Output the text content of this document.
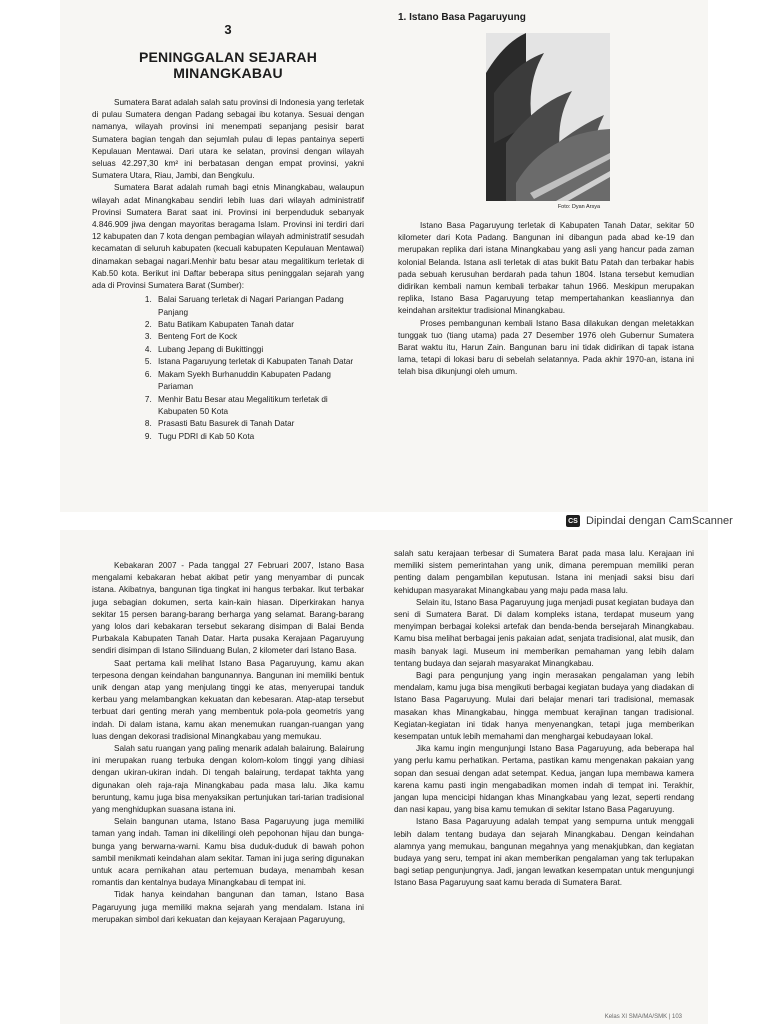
3
PENINGGALAN SEJARAH MINANGKABAU

Sumatera Barat adalah salah satu provinsi di Indonesia yang terletak di pulau Sumatera dengan Padang sebagai ibu kotanya. Sesuai dengan namanya, wilayah provinsi ini menempati sepanjang pesisir barat Sumatera bagian tengah dan sejumlah pulau di lepas pantainya seperti Kepulauan Mentawai. Dari utara ke selatan, provinsi dengan wilayah seluas 42.297,30 km² ini berbatasan dengan empat provinsi, yakni Sumatera Utara, Riau, Jambi, dan Bengkulu.

Sumatera Barat adalah rumah bagi etnis Minangkabau, walaupun wilayah adat Minangkabau sendiri lebih luas dari wilayah administratif Provinsi Sumatera Barat saat ini. Provinsi ini berpenduduk sebanyak 4.846.909 jiwa dengan mayoritas beragama Islam. Provinsi ini terdiri dari 12 kabupaten dan 7 kota dengan pembagian wilayah administratif sesudah kecamatan di seluruh kabupaten (kecuali kabupaten Kepulauan Mentawai) dinamakan sebagai nagari.Menhir batu besar atau megalitikum terletak di Kab.50 kota. Berikut ini Daftar beberapa situs peninggalan sejarah yang ada di Provinsi Sumatera Barat (Sumber):

1. Balai Saruang terletak di Nagari Pariangan Padang Panjang
2. Batu Batikam Kabupaten Tanah datar
3. Benteng Fort de Kock
4. Lubang Jepang di Bukittinggi
5. Istana Pagaruyung terletak di Kabupaten Tanah Datar
6. Makam Syekh Burhanuddin Kabupaten Padang Pariaman
7. Menhir Batu Besar atau Megalitikum terletak di Kabupaten 50 Kota
8. Prasasti Batu Basurek di Tanah Datar
9. Tugu PDRI di Kab 50 Kota
1. Istano Basa Pagaruyung
Foto: Dyan Arsya

Istano Basa Pagaruyung terletak di Kabupaten Tanah Datar, sekitar 50 kilometer dari Kota Padang. Bangunan ini dibangun pada abad ke-19 dan merupakan replika dari istana Minangkabau yang asli yang hancur pada zaman kolonial Belanda. Istana asli terletak di atas bukit Batu Patah dan terbakar habis pada sebuah kerusuhan berdarah pada tahun 1804. Istana tersebut kemudian didirikan kembali namun kembali terbakar tahun 1966. Meskipun merupakan replika, Istano Basa Pagaruyung tetap mempertahankan keasliannya dan keindahan arsitektur tradisional Minangkabau.

Proses pembangunan kembali Istano Basa dilakukan dengan meletakkan tunggak tuo (tiang utama) pada 27 Desember 1976 oleh Gubernur Sumatera Barat waktu itu, Harun Zain. Bangunan baru ini tidak didirikan di tapak istana lama, tetapi di lokasi baru di sebelah selatannya. Pada akhir 1970-an, istana ini telah bisa dikunjungi oleh umum.

CS Dipindai dengan CamScanner

Kebakaran 2007 - Pada tanggal 27 Februari 2007, Istano Basa mengalami kebakaran hebat akibat petir yang menyambar di puncak istana. Akibatnya, bangunan tiga tingkat ini hangus terbakar. Ikut terbakar juga sebagian dokumen, serta kain-kain hiasan. Diperkirakan hanya sekitar 15 persen barang-barang berharga yang selamat. Barang-barang yang lolos dari kebakaran tersebut sekarang disimpan di Balai Benda Purbakala Kabupaten Tanah Datar. Harta pusaka Kerajaan Pagaruyung sendiri disimpan di Istano Silinduang Bulan, 2 kilometer dari Istano Basa.

Saat pertama kali melihat Istano Basa Pagaruyung, kamu akan terpesona dengan keindahan bangunannya. Bangunan ini memiliki bentuk unik dengan atap yang menjulang tinggi ke atas, menyerupai tanduk kerbau yang melambangkan kekuatan dan kebesaran. Atap-atap tersebut terbuat dari genting merah yang membentuk pola-pola geometris yang indah. Di dalam istana, kamu akan menemukan ruangan-ruangan yang luas dengan dekorasi tradisional Minangkabau yang memukau.

Salah satu ruangan yang paling menarik adalah balairung. Balairung ini merupakan ruang terbuka dengan kolom-kolom tinggi yang dihiasi dengan ukiran-ukiran indah. Di tengah balairung, terdapat takhta yang digunakan oleh raja-raja Minangkabau pada masa lalu. Jika kamu beruntung, kamu juga bisa menyaksikan pertunjukan tari-tarian tradisional yang menghidupkan suasana istana ini.

Selain bangunan utama, Istano Basa Pagaruyung juga memiliki taman yang indah. Taman ini dikelilingi oleh pepohonan hijau dan bunga-bunga yang berwarna-warni. Kamu bisa duduk-duduk di bawah pohon sambil menikmati keindahan alam sekitar. Taman ini juga sering digunakan untuk acara pernikahan atau pertemuan budaya, menambah kesan romantis dan kentalnya budaya Minangkabau di tempat ini.

Tidak hanya keindahan bangunan dan taman, Istano Basa Pagaruyung juga memiliki makna sejarah yang mendalam. Istana ini merupakan simbol dari kekuatan dan kejayaan Kerajaan Pagaruyung,

salah satu kerajaan terbesar di Sumatera Barat pada masa lalu. Kerajaan ini memiliki sistem pemerintahan yang unik, dimana perempuan memiliki peran penting dalam pengambilan keputusan. Istana ini menjadi saksi bisu dari kehidupan masyarakat Minangkabau yang maju pada masa lalu.

Selain itu, Istano Basa Pagaruyung juga menjadi pusat kegiatan budaya dan seni di Sumatera Barat. Di dalam kompleks istana, terdapat museum yang menyimpan berbagai koleksi artefak dan benda-benda bersejarah Minangkabau. Kamu bisa melihat berbagai jenis pakaian adat, senjata tradisional, alat musik, dan masih banyak lagi. Museum ini memberikan pemahaman yang lebih dalam tentang budaya dan sejarah masyarakat Minangkabau.

Bagi para pengunjung yang ingin merasakan pengalaman yang lebih mendalam, kamu juga bisa mengikuti berbagai kegiatan budaya yang diadakan di Istano Basa Pagaruyung. Mulai dari belajar menari tari tradisional, memasak masakan khas Minangkabau, hingga membuat kerajinan tangan tradisional. Kegiatan-kegiatan ini tidak hanya menyenangkan, tetapi juga memberikan kesempatan untuk lebih memahami dan menghargai kebudayaan lokal.

Jika kamu ingin mengunjungi Istano Basa Pagaruyung, ada beberapa hal yang perlu kamu perhatikan. Pertama, pastikan kamu mengenakan pakaian yang sopan dan sesuai dengan adat setempat. Kedua, jangan lupa membawa kamera karena kamu pasti ingin mengabadikan momen indah di tempat ini. Terakhir, jangan lupa mencicipi hidangan khas Minangkabau yang lezat, seperti rendang dan nasi kapau, yang bisa kamu temukan di sekitar Istano Basa Pagaruyung.

Istano Basa Pagaruyung adalah tempat yang sempurna untuk menggali lebih dalam tentang budaya dan sejarah Minangkabau. Dengan keindahan alamnya yang memukau, bangunan megahnya yang menakjubkan, dan kegiatan budaya yang seru, tempat ini akan memberikan pengalaman yang tak terlupakan bagi setiap pengunjungnya. Jadi, jangan lewatkan kesempatan untuk mengunjungi Istano Basa Pagaruyung saat kamu berada di Sumatera Barat.

Kelas XI SMA/MA/SMK | 103
